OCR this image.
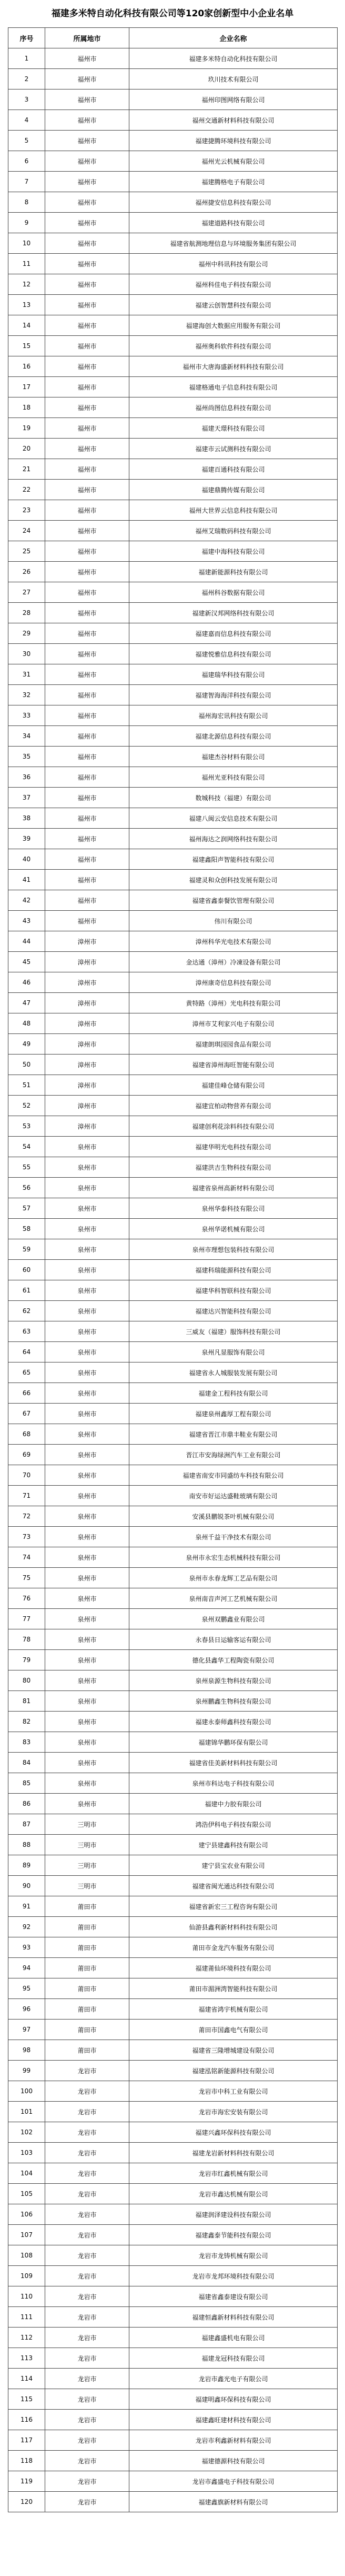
福建多米特自动化科技有限公司等120家创新型中小企业名单
序号	所属地市	企业名称
1	福州市	福建多米特自动化科技有限公司
2	福州市	玖川技术有限公司
3	福州市	福州印图网络有限公司
4	福州市	福州交通新材料科技有限公司
5	福州市	福建捷腾环境科技有限公司
6	福州市	福州光云机械有限公司
7	福州市	福建腾格电子有限公司
8	福州市	福州捷安信息科技有限公司
9	福州市	福建道路科技有限公司
10	福州市	福建省航测地理信息与环境服务集团有限公司
11	福州市	福州中科讯科技有限公司
12	福州市	福州科佳电子科技有限公司
13	福州市	福建云创智慧科技有限公司
14	福州市	福建海创大数据应用服务有限公司
15	福州市	福州奥科软件科技有限公司
16	福州市	福州市大唐海盛新材料科技有限公司
17	福州市	福建格通电子信息科技有限公司
18	福州市	福州尚图信息科技有限公司
19	福州市	福建天璟科技有限公司
20	福州市	福建市云试测科技有限公司
21	福州市	福建百通科技有限公司
22	福州市	福建鼎腾传媒有限公司
23	福州市	福州大世界云信息科技有限公司
24	福州市	福州艾瑞数码科技有限公司
25	福州市	福建中海科技有限公司
26	福州市	福建新能源科技有限公司
27	福州市	福州科谷数据有限公司
28	福州市	福建新汉邦网络科技有限公司
29	福州市	福建嘉而信息科技有限公司
30	福州市	福建悦雅信息科技有限公司
31	福州市	福建瑞华科技有限公司
32	福州市	福建智海海洋科技有限公司
33	福州市	福州海宏讯科技有限公司
34	福州市	福建北源信息科技有限公司
35	福州市	福建杰谷材料有限公司
36	福州市	福州光亚科技有限公司
37	福州市	数城科技（福建）有限公司
38	福州市	福建八闽云安信息技术有限公司
39	福州市	福州海达之润网络科技有限公司
40	福州市	福建鑫阳声智能科技有限公司
41	福州市	福建灵和众创科技发展有限公司
42	福州市	福建省鑫泰餐饮管理有限公司
43	福州市	伟川有限公司
44	漳州市	漳州科华光电技术有限公司
45	漳州市	金达通（漳州）冷凍设备有限公司
46	漳州市	漳州康奇信息科技有限公司
47	漳州市	黄特路（漳州）光电科技有限公司
48	漳州市	漳州市艾利家兴电子有限公司
49	漳州市	福建朗琪园园食品有限公司
50	漳州市	福建省漳州海旺智能有限公司
51	漳州市	福建佳峰仓储有限公司
52	漳州市	福建宜柏动物营养有限公司
53	漳州市	福建创利花涂料科技有限公司
54	泉州市	福建华明光电科技有限公司
55	泉州市	福建洪吉生物科技有限公司
56	泉州市	福建省泉州高新材料有限公司
57	泉州市	泉州华泰科技有限公司
58	泉州市	泉州华诺机械有限公司
59	泉州市	泉州市理想包装科技有限公司
60	泉州市	福建科瑞能源科技有限公司
61	泉州市	福建华科智联科技有限公司
62	泉州市	福建达兴智能科技有限公司
63	泉州市	三威友（福建）服饰科技有限公司
64	泉州市	泉州凡显服饰有限公司
65	泉州市	福建省永人城服装发展有限公司
66	泉州市	福建金工程科技有限公司
67	泉州市	福建泉州鑫厚工程有限公司
68	泉州市	福建省晋江市鼎丰鞋业有限公司
69	泉州市	晋江市安海绿洲汽车工业有限公司
70	泉州市	福建省南安市同盛纺车科技有限公司
71	泉州市	南安市好运达盛鞋玻璃有限公司
72	泉州市	安溪县鹏锐茶叶机械有限公司
73	泉州市	泉州千益干净技术有限公司
74	泉州市	泉州市永宏生态机械科技有限公司
75	泉州市	泉州市永春龙辉工艺品有限公司
76	泉州市	泉州南音声河工艺机械有限公司
77	泉州市	泉州双鹏鑫业有限公司
78	泉州市	永春县日运输客运有限公司
79	泉州市	德化县鑫华工程陶瓷有限公司
80	泉州市	泉州泉源生物科技有限公司
81	泉州市	泉州鹏鑫生物科技有限公司
82	泉州市	福建永泰师鑫科技有限公司
83	泉州市	福建锦华鹏环保有限公司
84	泉州市	福建省佳美新材料科技有限公司
85	泉州市	泉州市科达电子科技有限公司
86	泉州市	福建中力胶有限公司
87	三明市	鸿浩伊科电子科技有限公司
88	三明市	建宁县建鑫科技有限公司
89	三明市	建宁县宝农业有限公司
90	三明市	福建省闽光通达科技有限公司
91	莆田市	福建省新宏三工程咨询有限公司
92	莆田市	仙游县鑫利新材料科技有限公司
93	莆田市	莆田市金龙汽车服务有限公司
94	莆田市	福建莆仙环境科技有限公司
95	莆田市	莆田市湄洲湾智能科技有限公司
96	莆田市	福建省鸿宇机械有限公司
97	莆田市	莆田市国鑫电气有限公司
98	莆田市	福建省三隆增城建设有限公司
99	龙岩市	福建泓铭新能源科技有限公司
100	龙岩市	龙岩市中科工业有限公司
101	龙岩市	龙岩市海宏安装有限公司
102	龙岩市	福建兴鑫环保科技有限公司
103	龙岩市	福建龙岩新材料科技有限公司
104	龙岩市	龙岩市红鑫机械有限公司
105	龙岩市	龙岩市鑫达机械有限公司
106	龙岩市	福建润泽建设科技有限公司
107	龙岩市	福建鑫泰节能科技有限公司
108	龙岩市	龙岩市龙铸机械有限公司
109	龙岩市	龙岩市龙邦环境科技有限公司
110	龙岩市	福建省鑫泰建设有限公司
111	龙岩市	福建恒鑫新材料科技有限公司
112	龙岩市	福建鑫盛机电有限公司
113	龙岩市	福建龙冠科技有限公司
114	龙岩市	龙岩市鑫光电子有限公司
115	龙岩市	福建明鑫环保科技有限公司
116	龙岩市	福建鑫旺建材科技有限公司
117	龙岩市	龙岩市利鑫新材料有限公司
118	龙岩市	福建德源科技有限公司
119	龙岩市	龙岩市鑫盛电子科技有限公司
120	龙岩市	福建鑫旗新材料有限公司
